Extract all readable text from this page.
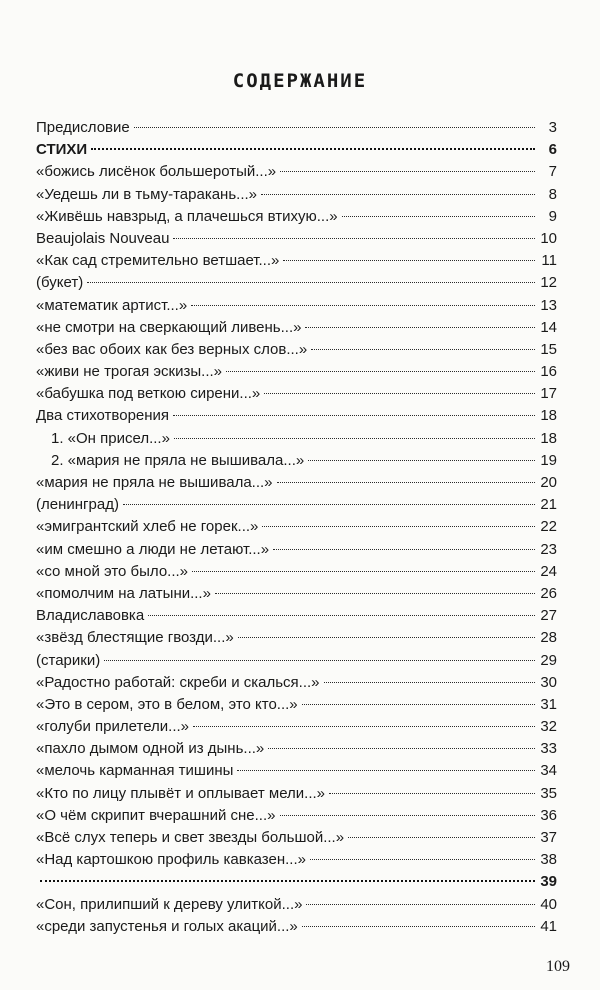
СОДЕРЖАНИЕ
Предисловие	3
СТИХИ	6
«божись лисёнок большеротый...»	7
«Уедешь ли в тьму-таракань...»	8
«Живёшь навзрыд, а плачешься втихую...»	9
Beaujolais Nouveau	10
«Как сад стремительно ветшает...»	11
(букет)	12
«математик артист...»	13
«не смотри на сверкающий ливень...»	14
«без вас обоих как без верных слов...»	15
«живи не трогая эскизы...»	16
«бабушка под веткою сирени...»	17
Два стихотворения	18
1. «Он присел...»	18
2. «мария не пряла не вышивала...»	19
«мария не пряла не вышивала...»	20
(ленинград)	21
«эмигрантский хлеб не горек...»	22
«им смешно а люди не летают...»	23
«со мной это было...»	24
«помолчим на латыни...»	26
Владиславовка	27
«звёзд блестящие гвозди...»	28
(старики)	29
«Радостно работай: скреби и скалься...»	30
«Это в сером, это в белом, это кто...»	31
«голуби прилетели...»	32
«пахло дымом одной из дынь...»	33
«мелочь карманная тишины	34
«Кто по лицу плывёт и оплывает мели...»	35
«О чём скрипит вчерашний сне...»	36
«Всё слух теперь и свет звезды большой...»	37
«Над картошкою профиль кавказен...»	38
39
«Сон, прилипший к дереву улиткой...»	40
«среди запустенья и голых акаций...»	41
109
